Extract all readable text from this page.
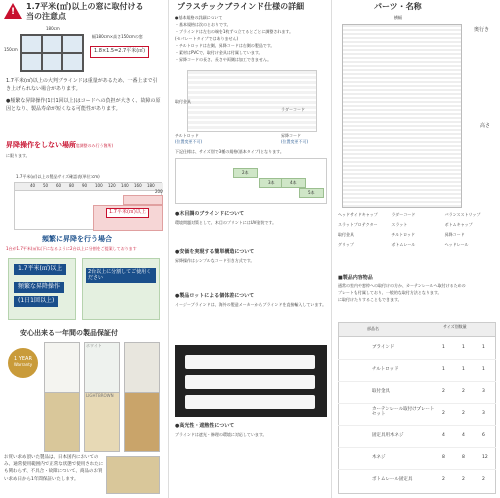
!
1.7平米(㎡)以上の窓に取付ける
当の注意点
180cm
150cm
幅180cm×高さ150cmの窓
1.8×1.5=2.7平米(㎡)
1.7平米(㎡)以上の大判ブラインドは重量があるため、一番上まで引き上げられない場合があります。
●頻繁な昇降操作(1日1回以上)はコードへの負担が大きく、故障の原因となり、製品寿命が短くなる可能性があります。
昇降操作をしない場所
(角度調整のみ行う箇所)
に限ります。
1.7平米(㎡)以上の製品サイズ確認表(単位:cm)
40 50 60 80 90 100 120 140 160 180
200
1.7平米(㎡)以上
頻繁に昇降を行う場合
1台が1.7平米(㎡)以下になるように2台以上に分割をご提案しております
1.7平米(㎡)以上
頻繁な昇降操作
(1日1回以上)
2台以上に分割してご使用ください
安心出来る一年間の製品保証付
1 YEAR
Warranty
ホワイト
LIGHTBROWN
お買い求め頂いた製品は、日本国内においてのみ、通常使用範囲内で正常な状態で使用されたにも関わらず、不具合・故障について、商品のお買い求め日から1年間保証いたします。
プラスチックブラインド仕様の詳細
●基本規格の詳細について
・基本規格は次のとおりです。
・ブラインドは左右の端を1枚ずつ立てるとごとに調整されます。
(セパレートタイプではありません)
・チルトロッドは左側、昇降コードは右側の製品です。
・素材はPVCで、取付け金具は付属しています。
・昇降コードの長さ、長さや両側は加工できません。
取付金具
ラダーコード
チルトロッド
(位置変更不可)
昇降コード
(位置変更不可)
下記仕様は、サイズ別で3種の規格(基本タイプ)となります。
2本
3本	4本
5本
●木目調のブラインドについて
環境問題対策として、木目のプリントにはUV塗装です。
●安価を実現する簡単構造について
昇降操作はシンプルなコード引き方式です。
●製品ロットによる個体差について
イージーブラインドは、海外の製造メーカーからブラインドを直接輸入しています。
●高光性・遮熱性について
ブラインドは遮光・修理の環境に対応しています。
パーツ・名称
横幅
奥行き
高さ
ヘッドサイドキャップ	ラダーコード	バランスストリップ
スラットプロテクター	スラット	ボトムキャップ
取付金具	チルトロッド	昇降コード
グリップ	ボトムレール	ヘッドレール
■製品内容物品
通常の室内や窓枠への取付けの方か、カーテンレールへ取付けるための
プレートも付属しており、一般的な取付方法となります。
に取付けたりすることもできます。
部品名	サイズ別数量
ブラインド	1	1	1
チルトロッド	1	1	1
取付金具	2	2	3
カーテンレール取付けプレートセット	2	2	3
固定具用木ネジ	4	4	6
木ネジ	8	8	12
ボトムレール固定具	2	2	2
